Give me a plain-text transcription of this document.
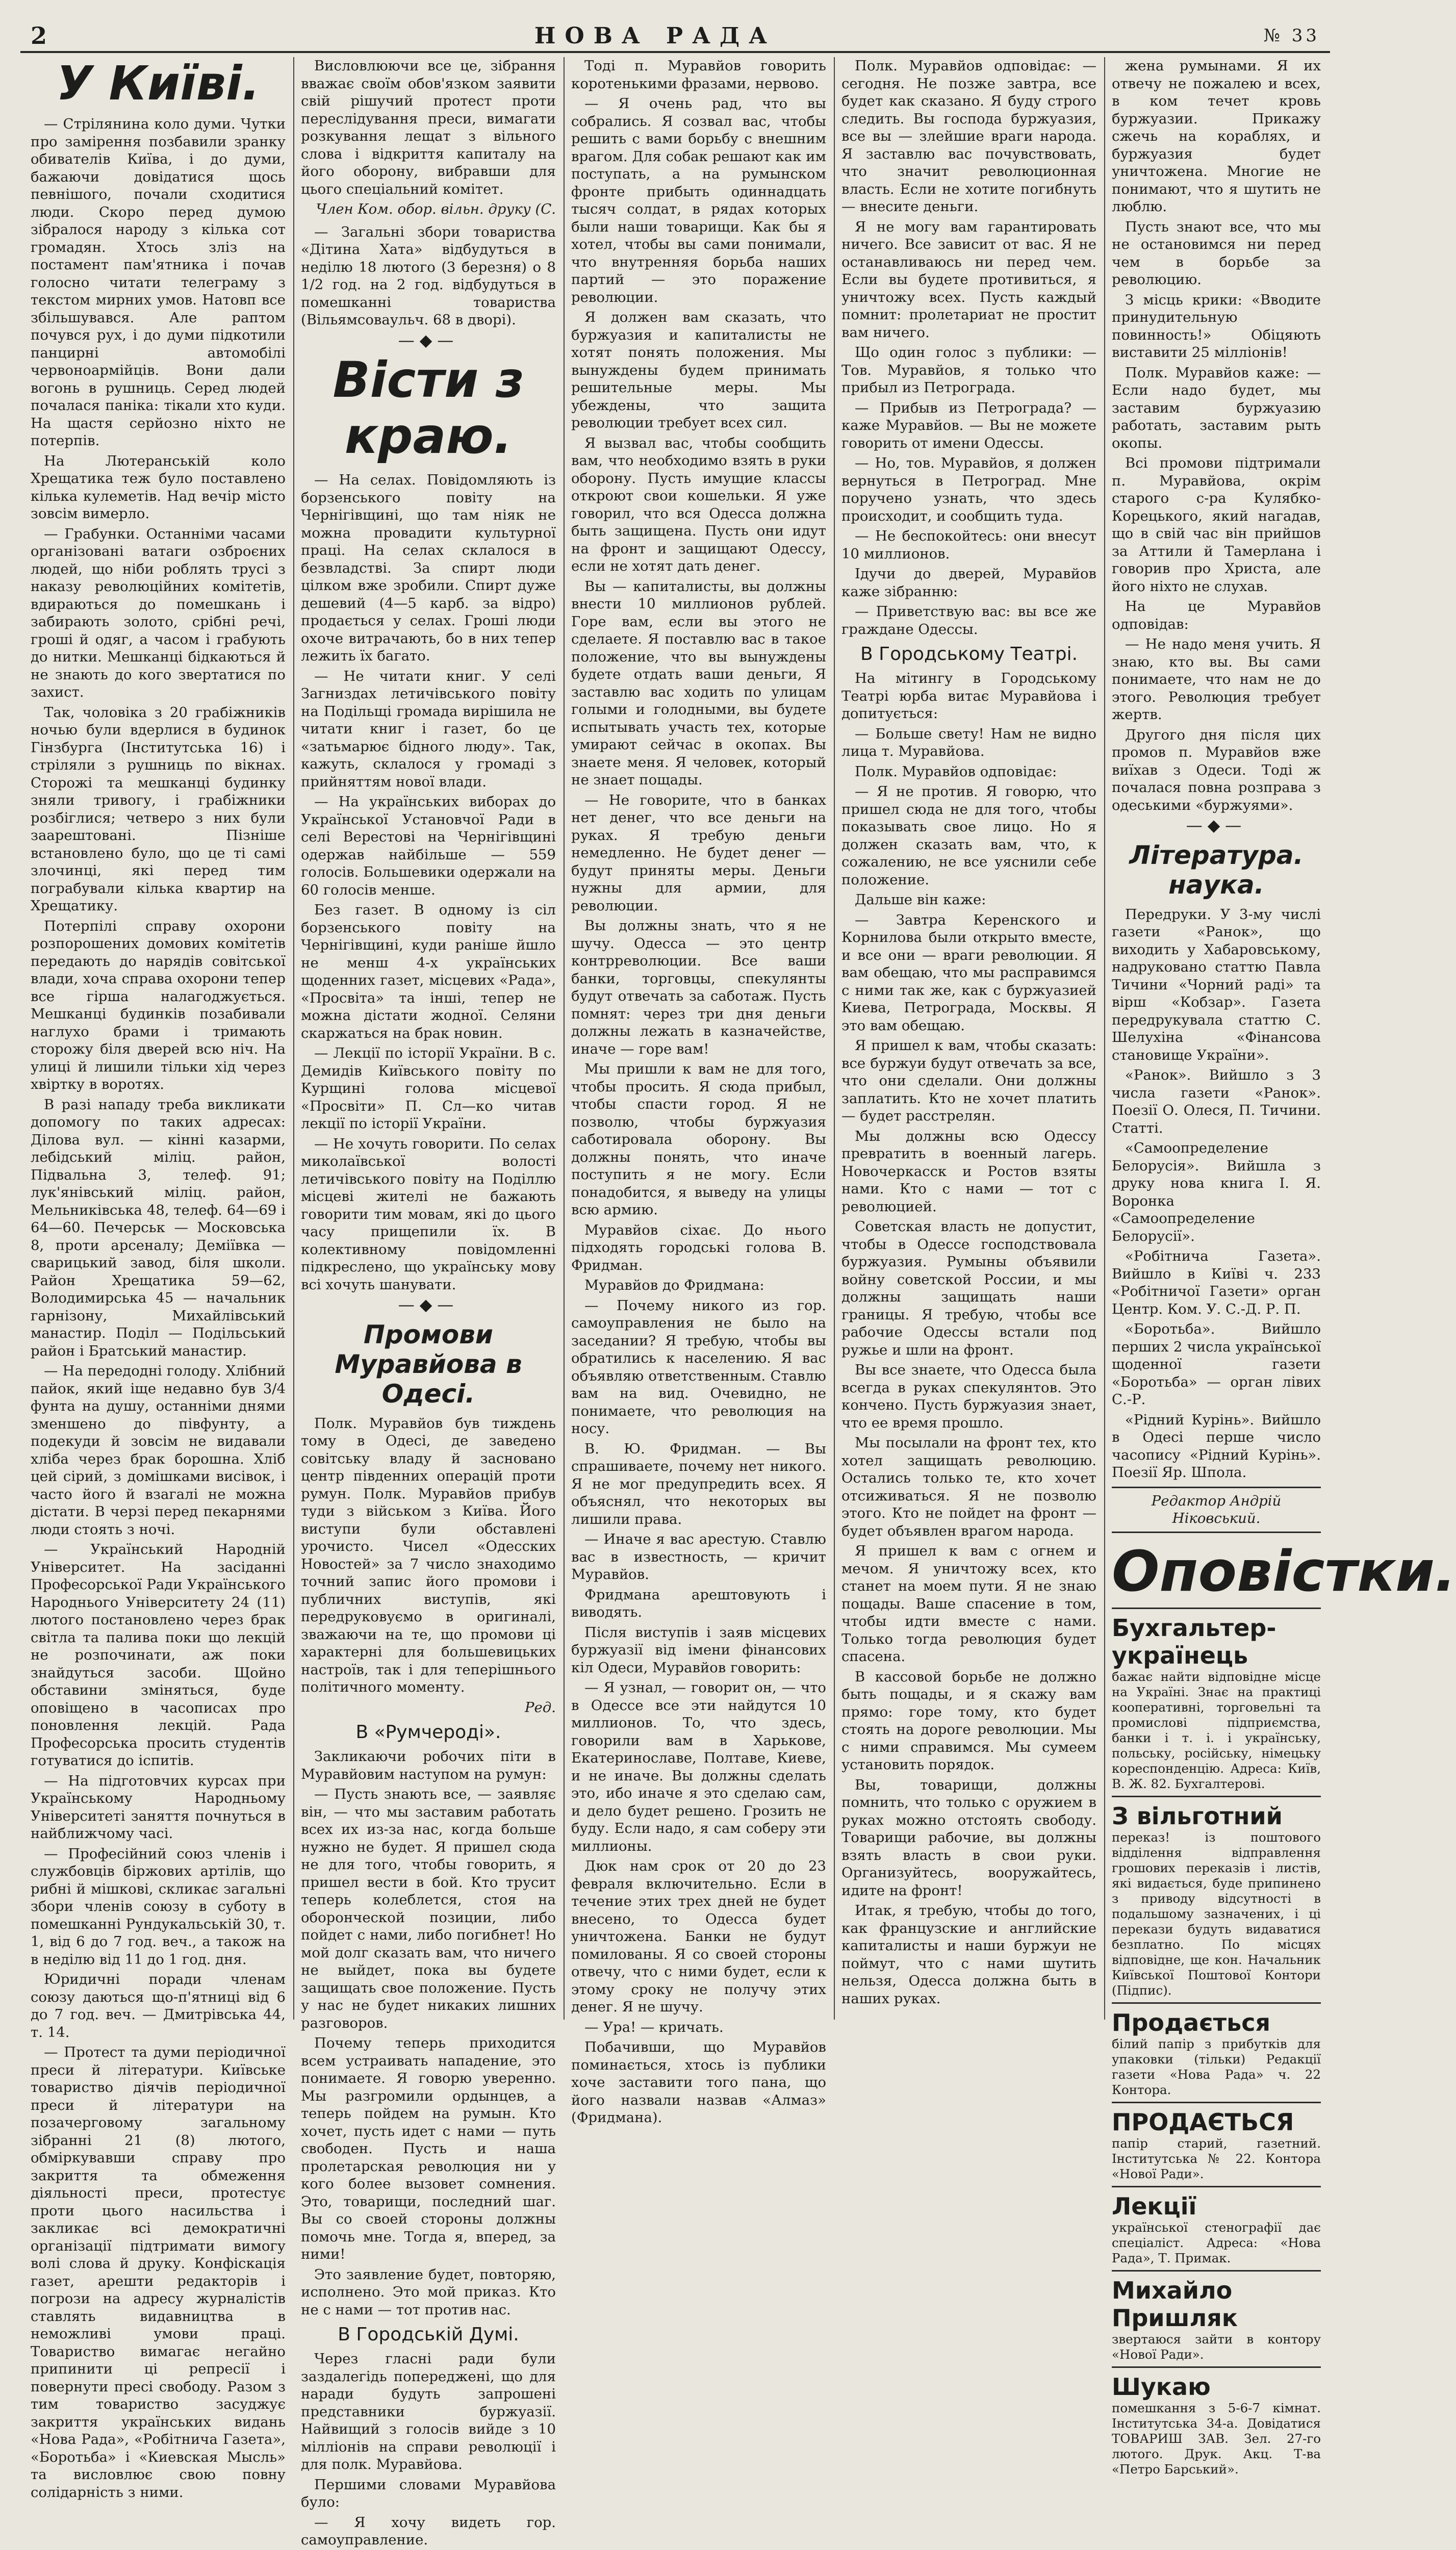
2	НОВА РАДА	№ 33
У Київі.

— Стрілянина коло думи. Чутки про замірення позбавили зранку обивателів Київа, і до думи, бажаючи довідатися щось певнішого, почали сходитися люди. Скоро перед думою зібралося народу з кілька сот громадян. Хтось зліз на постамент пам'ятника і почав голосно читати телеграму з текстом мирних умов. Натовп все збільшувався. Але раптом почувся рух, і до думи підкотили панцирні автомобілі червоноармійців. Вони дали вогонь в рушниць. Серед людей почалася паніка: тікали хто куди. На щастя серйозно ніхто не потерпів.

На Лютеранській коло Хрещатика теж було поставлено кілька кулеметів. Над вечір місто зовсім вимерло.

— Грабунки. Останніми часами організовані ватаги озброєних людей, що ніби роблять трусі з наказу революційних комітетів, вдираються до помешкань і забирають золото, срібні речі, гроші й одяг, а часом і грабують до нитки. Мешканці бідкаються й не знають до кого звертатися по захист.

Так, чоловіка з 20 грабіжників ночью були вдерлися в будинок Гінзбурга (Інститутська 16) і стріляли з рушниць по вікнах. Сторожі та мешканці будинку зняли тривогу, і грабіжники розбіглися; четверо з них були заарештовані. Пізніше встановлено було, що це ті самі злочинці, які перед тим пограбували кілька квартир на Хрещатику.

Потерпілі справу охорони розпорошених домових комітетів передають до нарядів совітської влади, хоча справа охорони тепер все гірша налагоджується. Мешканці будинків позабивали наглухо брами і тримають сторожу біля дверей всю ніч. На улиці й лишили тільки хід через хвіртку в воротях.

В разі нападу треба викликати допомогу по таких адресах: Ділова вул. — кінні казарми, лебідський міліц. район, Підвальна 3, телеф. 91; лук'янівський міліц. район, Мельниківська 48, телеф. 64—69 і 64—60. Печерськ — Московська 8, проти арсеналу; Деміївка — сварицький завод, біля школи. Район Хрещатика 59—62, Володимирська 45 — начальник гарнізону, Михайлівський манастир. Поділ — Подільський район і Братський манастир.

— На передодні голоду. Хлібний пайок, який іще недавно був 3/4 фунта на душу, останніми днями зменшено до півфунту, а подекуди й зовсім не видавали хліба через брак борошна. Хліб цей сірий, з домішками висівок, і часто його й взагалі не можна дістати. В черзі перед пекарнями люди стоять з ночі.

— Український Народній Університет. На засіданні Професорської Ради Українського Народнього Університету 24 (11) лютого постановлено через брак світла та палива поки що лекцій не розпочинати, аж поки знайдуться засоби. Щойно обставини зміняться, буде оповіщено в часописах про поновлення лекцій. Рада Професорська просить студентів готуватися до іспитів.

— На підготовчих курсах при Українському Народньому Університеті заняття почнуться в найближчому часі.

— Професійний союз членів і службовців біржових артілів, що рибні й мішкові, скликає загальні збори членів союзу в суботу в помешканні Рундукальській 30, т. 1, від 6 до 7 год. веч., а також на в неділю від 11 до 1 год. дня.

Юридичні поради членам союзу даються що-п'ятниці від 6 до 7 год. веч. — Дмитрівська 44, т. 14.

— Протест та думи періодичної преси й літератури. Київське товариство діячів періодичної преси й літератури на позачерговому загальному зібранні 21 (8) лютого, обміркувавши справу про закриття та обмеження діяльності преси, протестує проти цього насильства і закликає всі демократичні організації підтримати вимогу волі слова й друку. Конфіскація газет, арешти редакторів і погрози на адресу журналістів ставлять видавництва в неможливі умови праці. Товариство вимагає негайно припинити ці репресії і повернути пресі свободу. Разом з тим товариство засуджує закриття українських видань «Нова Рада», «Робітнича Газета», «Боротьба» і «Киевская Мысль» та висловлює свою повну солідарність з ними.

Висловлюючи все це, зібрання вважає своїм обов'язком заявити свій рішучий протест проти переслідування преси, вимагати розкування лещат з вільного слова і відкриття капиталу на його оборону, вибравши для цього спеціальний комітет.

Член Ком. обор. вільн. друку (С.

— Загальні збори товариства «Дітина Хата» відбудуться в неділю 18 лютого (3 березня) о 8 1/2 год. на 2 год. відбудуться в помешканні товариства (Вільямсоваульч. 68 в дворі).

—◆—
Вісти з краю.

— На селах. Повідомляють із борзенського повіту на Чернігівщині, що там ніяк не можна провадити культурної праці. На селах склалося в безвладстві. За спирт люди цілком вже зробили. Спирт дуже дешевий (4—5 карб. за відро) продається у селах. Гроші люди охоче витрачають, бо в них тепер лежить їх багато.

— Не читати книг. У селі Загниздах летичівського повіту на Подільщі громада вирішила не читати книг і газет, бо це «затьмарює бідного люду». Так, кажуть, склалося у громаді з прийняттям нової влади.

— На українських виборах до Української Установчої Ради в селі Верестові на Чернігівщині одержав найбільше — 559 голосів. Большевики одержали на 60 голосів менше.

Без газет. В одному із сіл борзенського повіту на Чернігівщині, куди раніше йшло не менш 4-х українських щоденних газет, місцевих «Рада», «Просвіта» та інші, тепер не можна дістати жодної. Селяни скаржаться на брак новин.

— Лекції по історії України. В с. Демидів Київського повіту по Курщині голова місцевої «Просвіти» П. Сл—ко читав лекції по історії України.

— Не хочуть говорити. По селах миколаївської волості летичівського повіту на Поділлю місцеві жителі не бажають говорити тим мовам, які до цього часу прищепили їх. В колективному повідомленні підкреслено, що українську мову всі хочуть шанувати.

—◆—
Промови Муравйова в Одесі.

Полк. Муравйов був тиждень тому в Одесі, де заведено совітську владу й засновано центр південних операцій проти румун. Полк. Муравйов прибув туди з військом з Київа. Його виступи були обставлені урочисто. Чисел «Одесских Новостей» за 7 число знаходимо точний запис його промови і публичних виступів, які передруковуємо в оригиналі, зважаючи на те, що промови ці характерні для большевицьких настроїв, так і для теперішнього політичного моменту.

Ред.
В «Румчероді».

Закликаючи робочих піти в Муравйовим наступом на румун:

— Пусть знають все, — заявляє він, — что мы заставим работать всех их из-за нас, когда больше нужно не будет. Я пришел сюда не для того, чтобы говорить, я пришел вести в бой. Кто трусит теперь колеблется, стоя на оборонческой позиции, либо пойдет с нами, либо погибнет! Но мой долг сказать вам, что ничего не выйдет, пока вы будете защищать свое положение. Пусть у нас не будет никаких лишних разговоров.

Почему теперь приходится всем устраивать нападение, это понимаете. Я говорю уверенно. Мы разгромили ордынцев, а теперь пойдем на румын. Кто хочет, пусть идет с нами — путь свободен. Пусть и наша пролетарская революция ни у кого более вызовет сомнения. Это, товарищи, последний шаг. Вы со своей стороны должны помочь мне. Тогда я, вперед, за ними!

Это заявление будет, повторяю, исполнено. Это мой приказ. Кто не с нами — тот против нас.

В Городській Думі.

Через гласні ради були заздалегідь попереджені, що для наради будуть запрошені представники буржуазії. Найвищий з голосів вийде з 10 мілліонів на справи революції і для полк. Муравйова.

Першими словами Муравйова було:

— Я хочу видеть гор. самоуправление.

Тоді п. Муравйов говорить коротенькими фразами, нервово.

— Я очень рад, что вы собрались. Я созвал вас, чтобы решить с вами борьбу с внешним врагом. Для собак решают как им поступать, а на румынском фронте прибыть одиннадцать тысяч солдат, в рядах которых были наши товарищи. Как бы я хотел, чтобы вы сами понимали, что внутренняя борьба наших партий — это поражение революции.

Я должен вам сказать, что буржуазия и капиталисты не хотят понять положения. Мы вынуждены будем принимать решительные меры. Мы убеждены, что защита революции требует всех сил.

Я вызвал вас, чтобы сообщить вам, что необходимо взять в руки оборону. Пусть имущие классы откроют свои кошельки. Я уже говорил, что вся Одесса должна быть защищена. Пусть они идут на фронт и защищают Одессу, если не хотят дать денег.

Вы — капиталисты, вы должны внести 10 миллионов рублей. Горе вам, если вы этого не сделаете. Я поставлю вас в такое положение, что вы вынуждены будете отдать ваши деньги, Я заставлю вас ходить по улицам голыми и голодными, вы будете испытывать участь тех, которые умирают сейчас в окопах. Вы знаете меня. Я человек, который не знает пощады.

— Не говорите, что в банках нет денег, что все деньги на руках. Я требую деньги немедленно. Не будет денег — будут приняты меры. Деньги нужны для армии, для революции.

Вы должны знать, что я не шучу. Одесса — это центр контрреволюции. Все ваши банки, торговцы, спекулянты будут отвечать за саботаж. Пусть помнят: через три дня деньги должны лежать в казначействе, иначе — горе вам!

Мы пришли к вам не для того, чтобы просить. Я сюда прибыл, чтобы спасти город. Я не позволю, чтобы буржуазия саботировала оборону. Вы должны понять, что иначе поступить я не могу. Если понадобится, я выведу на улицы всю армию.

Муравйов сіхає. До нього підходять городські голова В. Фридман.

Муравйов до Фридмана:

— Почему никого из гор. самоуправления не было на заседании? Я требую, чтобы вы обратились к населению. Я вас объявляю ответственным. Ставлю вам на вид. Очевидно, не понимаете, что революция на носу.

В. Ю. Фридман. — Вы спрашиваете, почему нет никого. Я не мог предупредить всех. Я объяснял, что некоторых вы лишили права.

— Иначе я вас арестую. Ставлю вас в известность, — кричит Муравйов.

Фридмана арештовують і виводять.

Після виступів і заяв місцевих буржуазії від імени фінансових кіл Одеси, Муравйов говорить:

— Я узнал, — говорит он, — что в Одессе все эти найдутся 10 миллионов. То, что здесь, говорили вам в Харькове, Екатеринославе, Полтаве, Киеве, и не иначе. Вы должны сделать это, ибо иначе я это сделаю сам, и дело будет решено. Грозить не буду. Если надо, я сам соберу эти миллионы.

Дюк нам срок от 20 до 23 февраля включительно. Если в течение этих трех дней не будет внесено, то Одесса будет уничтожена. Банки не будут помилованы. Я со своей стороны отвечу, что с ними будет, если к этому сроку не получу этих денег. Я не шучу.

— Ура! — кричать.

Побачивши, що Муравйов поминається, хтось із публики хоче заставити того пана, що його назвали назвав «Алмаз» (Фридмана).

Полк. Муравйов одповідає: — сегодня. Не позже завтра, все будет как сказано. Я буду строго следить. Вы господа буржуазия, все вы — злейшие враги народа. Я заставлю вас почувствовать, что значит революционная власть. Если не хотите погибнуть — внесите деньги.

Я не могу вам гарантировать ничего. Все зависит от вас. Я не останавливаюсь ни перед чем. Если вы будете противиться, я уничтожу всех. Пусть каждый помнит: пролетариат не простит вам ничего.

Що один голос з публики: — Тов. Муравйов, я только что прибыл из Петрограда.

— Прибыв из Петрограда? — каже Муравйов. — Вы не можете говорить от имени Одессы.

— Но, тов. Муравйов, я должен вернуться в Петроград. Мне поручено узнать, что здесь происходит, и сообщить туда.

— Не беспокойтесь: они внесут 10 миллионов.

Ідучи до дверей, Муравйов каже зібранню:

— Приветствую вас: вы все же граждане Одессы.

В Городському Театрі.

На мітингу в Городському Театрі юрба витає Муравйова і допитується:

— Больше свету! Нам не видно лица т. Муравйова.

Полк. Муравйов одповідає:

— Я не против. Я говорю, что пришел сюда не для того, чтобы показывать свое лицо. Но я должен сказать вам, что, к сожалению, не все уяснили себе положение.

Дальше він каже:

— Завтра Керенского и Корнилова были открыто вместе, и все они — враги революции. Я вам обещаю, что мы расправимся с ними так же, как с буржуазией Киева, Петрограда, Москвы. Я это вам обещаю.

Я пришел к вам, чтобы сказать: все буржуи будут отвечать за все, что они сделали. Они должны заплатить. Кто не хочет платить — будет расстрелян.

Мы должны всю Одессу превратить в военный лагерь. Новочеркасск и Ростов взяты нами. Кто с нами — тот с революцией.

Советская власть не допустит, чтобы в Одессе господствовала буржуазия. Румыны объявили войну советской России, и мы должны защищать наши границы. Я требую, чтобы все рабочие Одессы встали под ружье и шли на фронт.

Вы все знаете, что Одесса была всегда в руках спекулянтов. Это кончено. Пусть буржуазия знает, что ее время прошло.

Мы посылали на фронт тех, кто хотел защищать революцию. Остались только те, кто хочет отсиживаться. Я не позволю этого. Кто не пойдет на фронт — будет объявлен врагом народа.

Я пришел к вам с огнем и мечом. Я уничтожу всех, кто станет на моем пути. Я не знаю пощады. Ваше спасение в том, чтобы идти вместе с нами. Только тогда революция будет спасена.

В кассовой борьбе не должно быть пощады, и я скажу вам прямо: горе тому, кто будет стоять на дороге революции. Мы с ними справимся. Мы сумеем установить порядок.

Вы, товарищи, должны помнить, что только с оружием в руках можно отстоять свободу. Товарищи рабочие, вы должны взять власть в свои руки. Организуйтесь, вооружайтесь, идите на фронт!

Итак, я требую, чтобы до того, как французские и английские капиталисты и наши буржуи не поймут, что с нами шутить нельзя, Одесса должна быть в наших руках.

жена румынами. Я их отвечу не пожалею и всех, в ком течет кровь буржуазии. Прикажу сжечь на кораблях, и буржуазия будет уничтожена. Многие не понимают, что я шутить не люблю.

Пусть знают все, что мы не остановимся ни перед чем в борьбе за революцию.

З місць крики: «Вводите принудительную повинность!» Обіцяють виставити 25 мілліонів!

Полк. Муравйов каже: — Если надо будет, мы заставим буржуазию работать, заставим рыть окопы.

Всі промови підтримали п. Муравйова, окрім старого с-ра Кулябко-Корецького, який нагадав, що в свій час він прийшов за Аттили й Тамерлана і говорив про Христа, але його ніхто не слухав.

На це Муравйов одповідав:

— Не надо меня учить. Я знаю, кто вы. Вы сами понимаете, что нам не до этого. Революция требует жертв.

Другого дня після цих промов п. Муравйов вже виїхав з Одеси. Тоді ж почалася повна розправа з одеськими «буржуями».

—◆—
Література. наука.

Передруки. У 3-му числі газети «Ранок», що виходить у Хабаровському, надруковано статтю Павла Тичини «Чорний раді» та вірш «Кобзар». Газета передрукувала статтю С. Шелухіна «Фінансова становище України».

«Ранок». Вийшло з 3 числа газети «Ранок». Поезії О. Олеся, П. Тичини. Статті.

«Самоопределение Белорусія». Вийшла з друку нова книга І. Я. Воронка «Самоопределение Белорусії».

«Робітнича Газета». Вийшло в Київі ч. 233 «Робітничої Газети» орган Центр. Ком. У. С.-Д. Р. П.

«Боротьба». Вийшло перших 2 числа української щоденної газети «Боротьба» — орган лівих С.-Р.

«Рідний Курінь». Вийшло в Одесі перше число часопису «Рідний Курінь». Поезії Яр. Шпола.

Редактор Андрій Ніковський.
Оповістки.
Бухгальтер-українець
бажає найти відповідне місце на Україні. Знає на практиці кооперативні, торговельні та промислові підприємства, банки і т. і. і українську, польську, російську, німецьку кореспонденцію. Адреса: Київ, В. Ж. 82. Бухгалтерові.
З вільготний
переказ! із поштового відділення відправлення грошових переказів і листів, які видається, буде припинено з приводу відсутності в подальшому зазначених, і ці перекази будуть видаватися безплатно. По місцях відповідне, ще кон. Начальник Київської Поштової Контори (Підпис).
Продається
білий папір з прибутків для упаковки (тільки) Редакції газети «Нова Рада» ч. 22 Контора.
ПРОДАЄТЬСЯ
папір старий, газетний. Інститутська № 22. Контора «Нової Ради».
Лекції
української стенографії дає спеціаліст. Адреса: «Нова Рада», Т. Примак.
Михайло Пришляк
звертаюся зайти в контору «Нової Ради».
Шукаю
помешкання з 5-6-7 кімнат. Інститутська 34-а. Довідатися ТОВАРИШ ЗАВ. Зел. 27-го лютого. Друк. Акц. Т-ва «Петро Барський».
